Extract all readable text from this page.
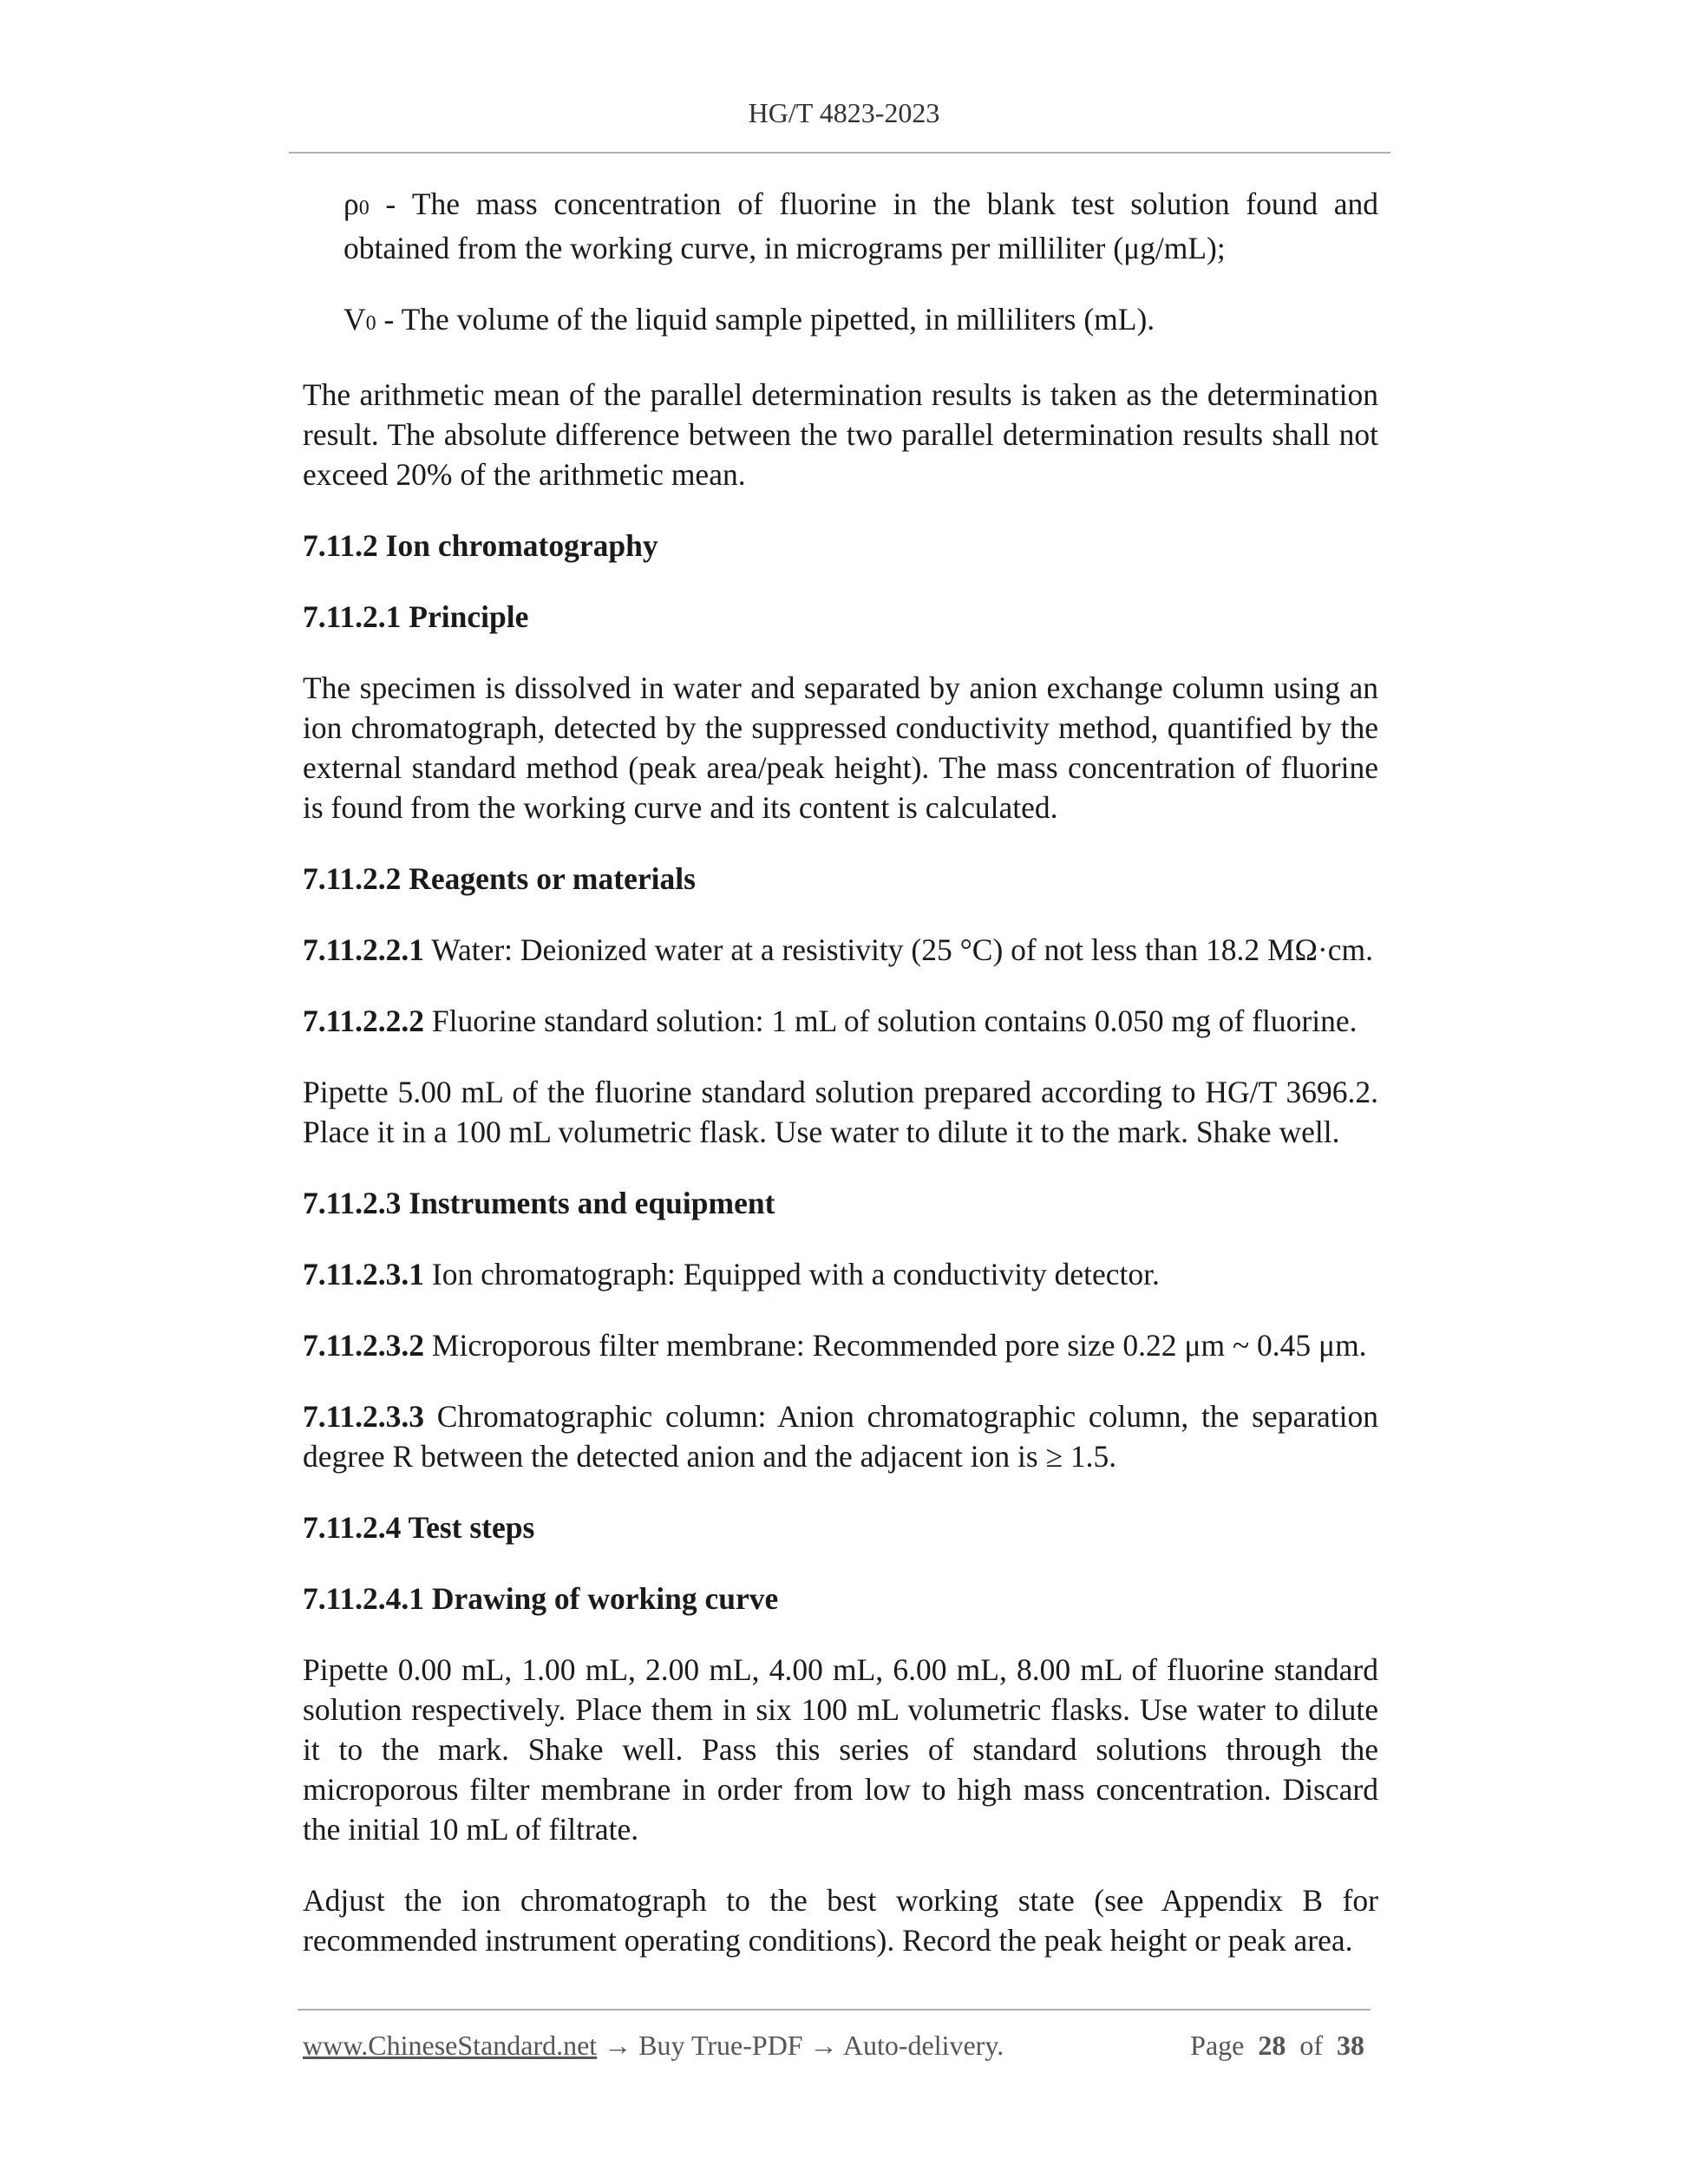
HG/T 4823-2023

ρ0 - The mass concentration of fluorine in the blank test solution found and obtained from the working curve, in micrograms per milliliter (μg/mL);

V0 - The volume of the liquid sample pipetted, in milliliters (mL).

The arithmetic mean of the parallel determination results is taken as the determination result. The absolute difference between the two parallel determination results shall not exceed 20% of the arithmetic mean.

7.11.2 Ion chromatography

7.11.2.1 Principle

The specimen is dissolved in water and separated by anion exchange column using an ion chromatograph, detected by the suppressed conductivity method, quantified by the external standard method (peak area/peak height). The mass concentration of fluorine is found from the working curve and its content is calculated.

7.11.2.2 Reagents or materials

7.11.2.2.1 Water: Deionized water at a resistivity (25 °C) of not less than 18.2 MΩ·cm.

7.11.2.2.2 Fluorine standard solution: 1 mL of solution contains 0.050 mg of fluorine.

Pipette 5.00 mL of the fluorine standard solution prepared according to HG/T 3696.2. Place it in a 100 mL volumetric flask. Use water to dilute it to the mark. Shake well.

7.11.2.3 Instruments and equipment

7.11.2.3.1 Ion chromatograph: Equipped with a conductivity detector.

7.11.2.3.2 Microporous filter membrane: Recommended pore size 0.22 μm ~ 0.45 μm.

7.11.2.3.3 Chromatographic column: Anion chromatographic column, the separation degree R between the detected anion and the adjacent ion is ≥ 1.5.

7.11.2.4 Test steps

7.11.2.4.1 Drawing of working curve

Pipette 0.00 mL, 1.00 mL, 2.00 mL, 4.00 mL, 6.00 mL, 8.00 mL of fluorine standard solution respectively. Place them in six 100 mL volumetric flasks. Use water to dilute it to the mark. Shake well. Pass this series of standard solutions through the microporous filter membrane in order from low to high mass concentration. Discard the initial 10 mL of filtrate.

Adjust the ion chromatograph to the best working state (see Appendix B for recommended instrument operating conditions). Record the peak height or peak area.

www.ChineseStandard.net → Buy True-PDF → Auto-delivery.	Page 28 of 38
